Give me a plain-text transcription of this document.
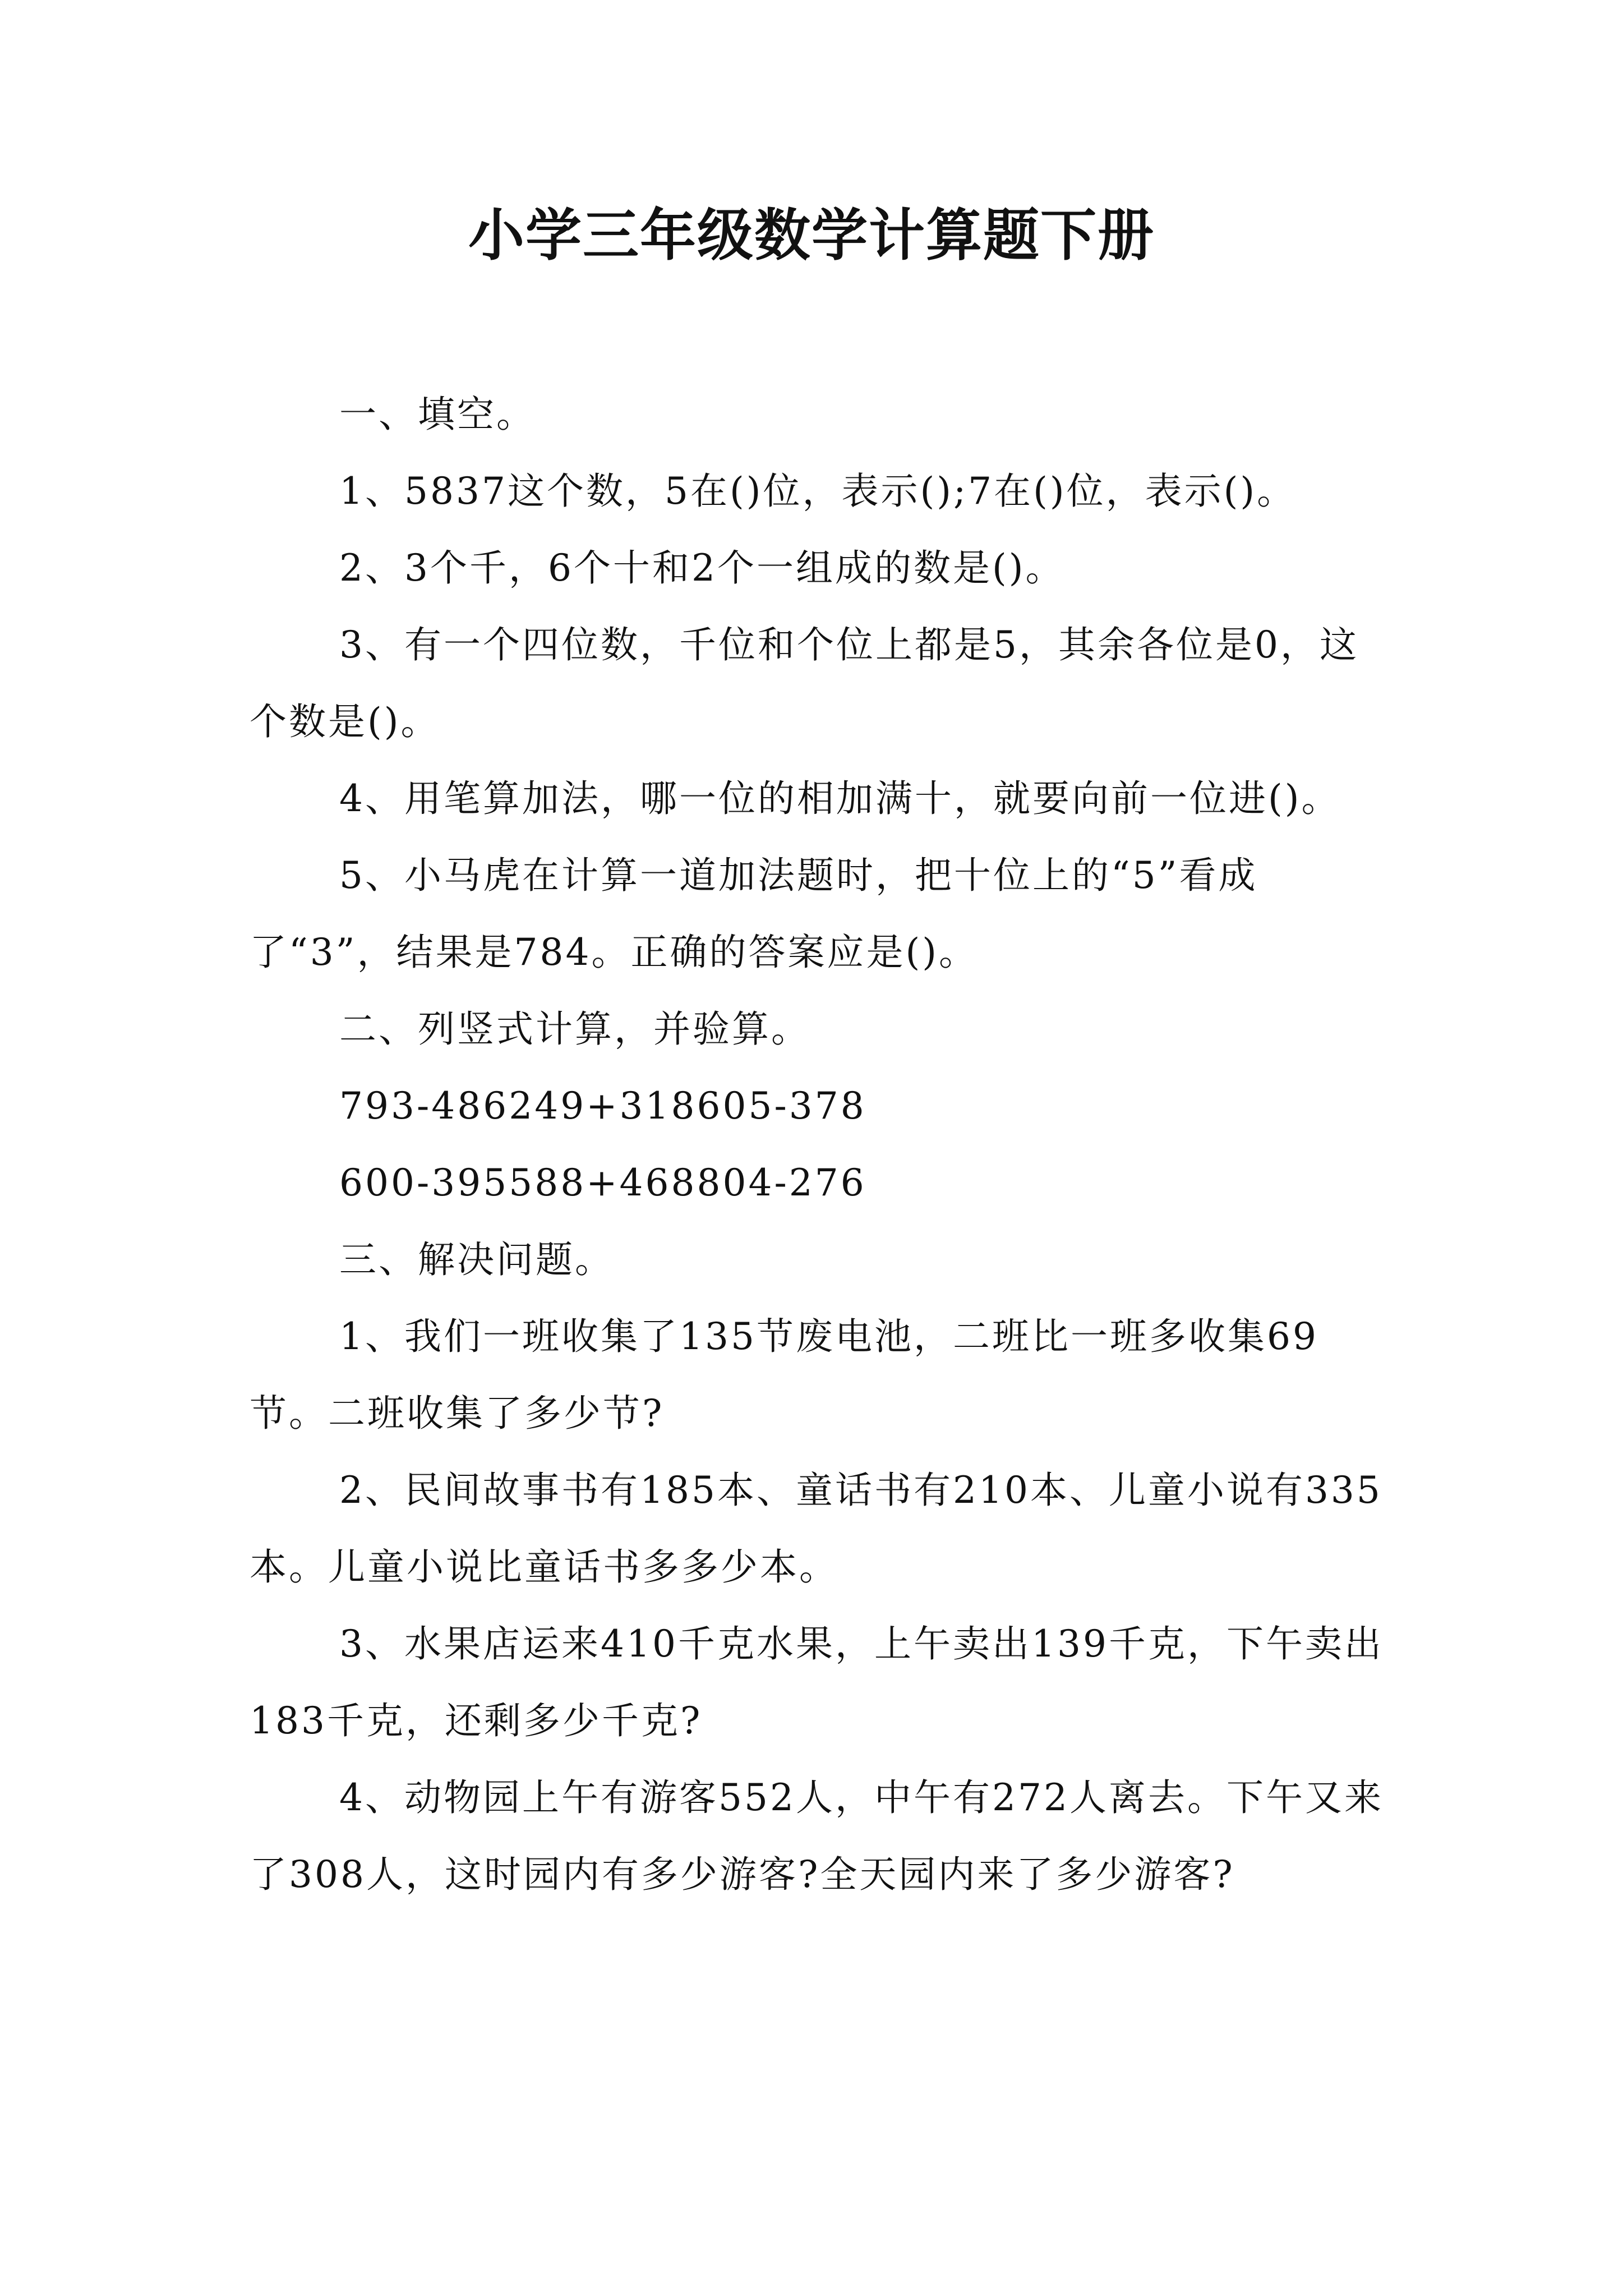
小学三年级数学计算题下册

一、填空。

1、5837这个数，5在()位，表示();7在()位，表示()。

2、3个千，6个十和2个一组成的数是()。

3、有一个四位数，千位和个位上都是5，其余各位是0，这个数是()。

4、用笔算加法，哪一位的相加满十，就要向前一位进()。

5、小马虎在计算一道加法题时，把十位上的“5”看成了“3”，结果是784。正确的答案应是()。

二、列竖式计算，并验算。

793-486249+318605-378

600-395588+468804-276

三、解决问题。

1、我们一班收集了135节废电池，二班比一班多收集69节。二班收集了多少节?

2、民间故事书有185本、童话书有210本、儿童小说有335本。儿童小说比童话书多多少本。

3、水果店运来410千克水果，上午卖出139千克，下午卖出183千克，还剩多少千克?

4、动物园上午有游客552人，中午有272人离去。下午又来了308人，这时园内有多少游客?全天园内来了多少游客?
